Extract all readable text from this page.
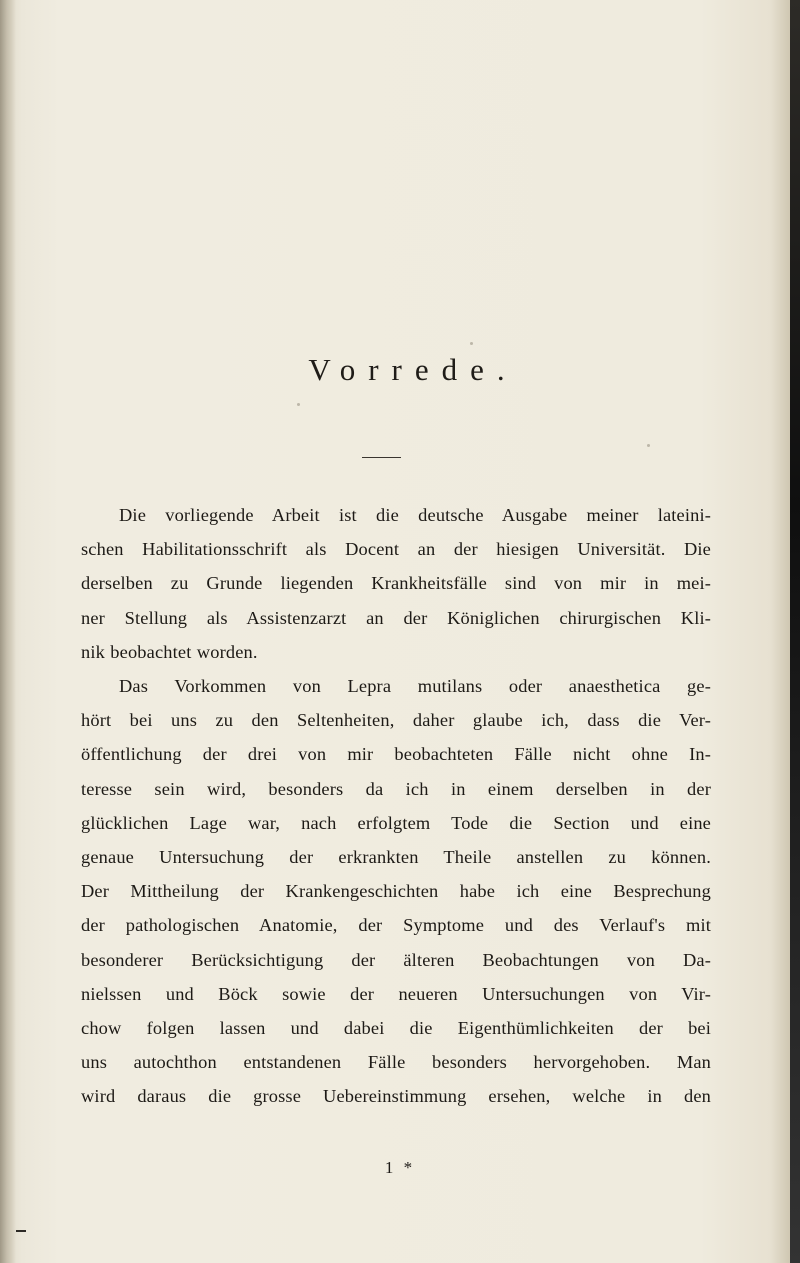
Vorrede.
Die vorliegende Arbeit ist die deutsche Ausgabe meiner lateini-
schen Habilitationsschrift als Docent an der hiesigen Universität. Die
derselben zu Grunde liegenden Krankheitsfälle sind von mir in mei-
ner Stellung als Assistenzarzt an der Königlichen chirurgischen Kli-
nik beobachtet worden.
Das Vorkommen von Lepra mutilans oder anaesthetica ge-
hört bei uns zu den Seltenheiten, daher glaube ich, dass die Ver-
öffentlichung der drei von mir beobachteten Fälle nicht ohne In-
teresse sein wird, besonders da ich in einem derselben in der
glücklichen Lage war, nach erfolgtem Tode die Section und eine
genaue Untersuchung der erkrankten Theile anstellen zu können.
Der Mittheilung der Krankengeschichten habe ich eine Besprechung
der pathologischen Anatomie, der Symptome und des Verlauf's mit
besonderer Berücksichtigung der älteren Beobachtungen von Da-
nielssen und Böck sowie der neueren Untersuchungen von Vir-
chow folgen lassen und dabei die Eigenthümlichkeiten der bei
uns autochthon entstandenen Fälle besonders hervorgehoben. Man
wird daraus die grosse Uebereinstimmung ersehen, welche in den
1 *
